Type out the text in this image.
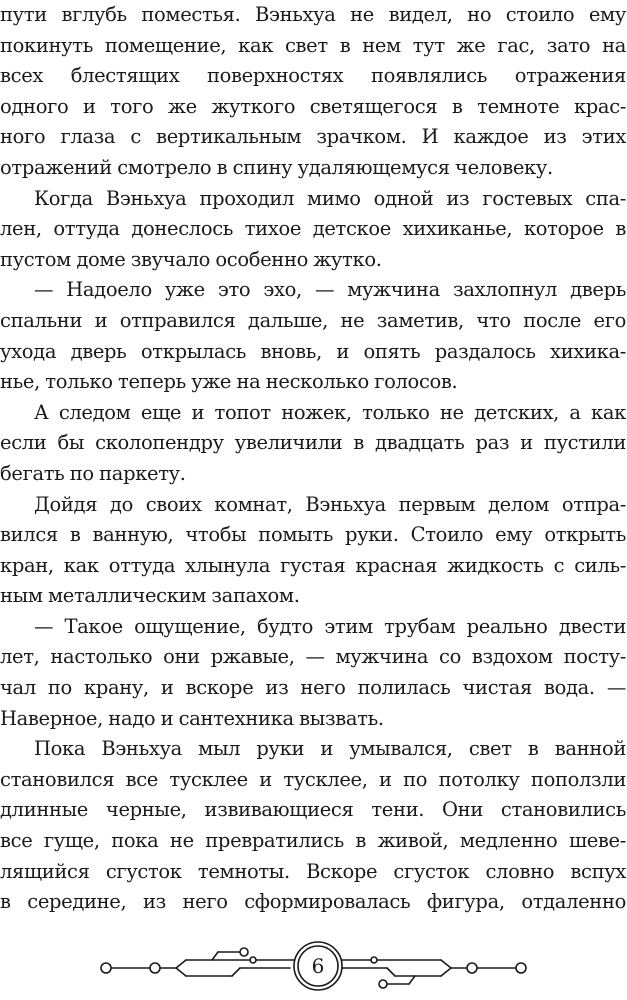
пути вглубь поместья. Вэньхуа не видел, но стоило ему
покинуть помещение, как свет в нем тут же гас, зато на
всех блестящих поверхностях появлялись отражения
одного и того же жуткого светящегося в темноте крас-
ного глаза с вертикальным зрачком. И каждое из этих
отражений смотрело в спину удаляющемуся человеку.
Когда Вэньхуа проходил мимо одной из гостевых спа-
лен, оттуда донеслось тихое детское хихиканье, которое в
пустом доме звучало особенно жутко.
— Надоело уже это эхо, — мужчина захлопнул дверь
спальни и отправился дальше, не заметив, что после его
ухода дверь открылась вновь, и опять раздалось хихика-
нье, только теперь уже на несколько голосов.
А следом еще и топот ножек, только не детских, а как
если бы сколопендру увеличили в двадцать раз и пустили
бегать по паркету.
Дойдя до своих комнат, Вэньхуа первым делом отпра-
вился в ванную, чтобы помыть руки. Стоило ему открыть
кран, как оттуда хлынула густая красная жидкость с силь-
ным металлическим запахом.
— Такое ощущение, будто этим трубам реально двести
лет, настолько они ржавые, — мужчина со вздохом посту-
чал по крану, и вскоре из него полилась чистая вода. —
Наверное, надо и сантехника вызвать.
Пока Вэньхуа мыл руки и умывался, свет в ванной
становился все тусклее и тусклее, и по потолку поползли
длинные черные, извивающиеся тени. Они становились
все гуще, пока не превратились в живой, медленно шеве-
лящийся сгусток темноты. Вскоре сгусток словно вспух
в середине, из него сформировалась фигура, отдаленно
6
